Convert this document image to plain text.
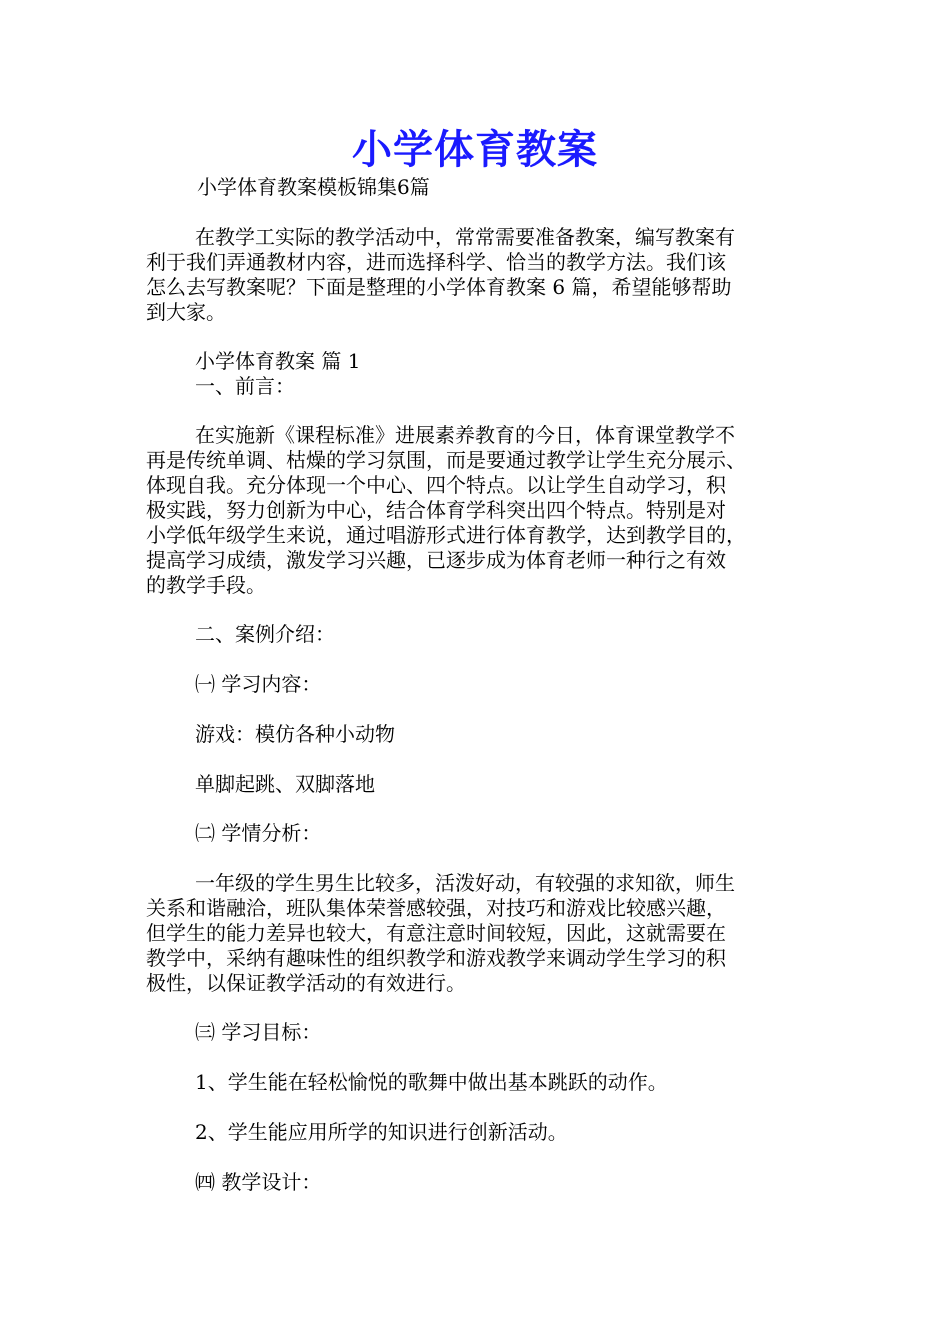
小学体育教案
小学体育教案模板锦集6篇
在教学工实际的教学活动中，常常需要准备教案，编写教案有
利于我们弄通教材内容，进而选择科学、恰当的教学方法。我们该
怎么去写教案呢？下面是整理的小学体育教案 6 篇，希望能够帮助
到大家。
小学体育教案 篇 1
一、前言：
在实施新《课程标准》进展素养教育的今日，体育课堂教学不
再是传统单调、枯燥的学习氛围，而是要通过教学让学生充分展示、
体现自我。充分体现一个中心、四个特点。以让学生自动学习，积
极实践，努力创新为中心，结合体育学科突出四个特点。特别是对
小学低年级学生来说，通过唱游形式进行体育教学，达到教学目的，
提高学习成绩，激发学习兴趣，已逐步成为体育老师一种行之有效
的教学手段。
二、案例介绍：
㈠ 学习内容：
游戏：模仿各种小动物
单脚起跳、双脚落地
㈡ 学情分析：
一年级的学生男生比较多，活泼好动，有较强的求知欲，师生
关系和谐融洽，班队集体荣誉感较强，对技巧和游戏比较感兴趣，
但学生的能力差异也较大，有意注意时间较短，因此，这就需要在
教学中，采纳有趣味性的组织教学和游戏教学来调动学生学习的积
极性，以保证教学活动的有效进行。
㈢ 学习目标：
1、学生能在轻松愉悦的歌舞中做出基本跳跃的动作。
2、学生能应用所学的知识进行创新活动。
㈣ 教学设计：
